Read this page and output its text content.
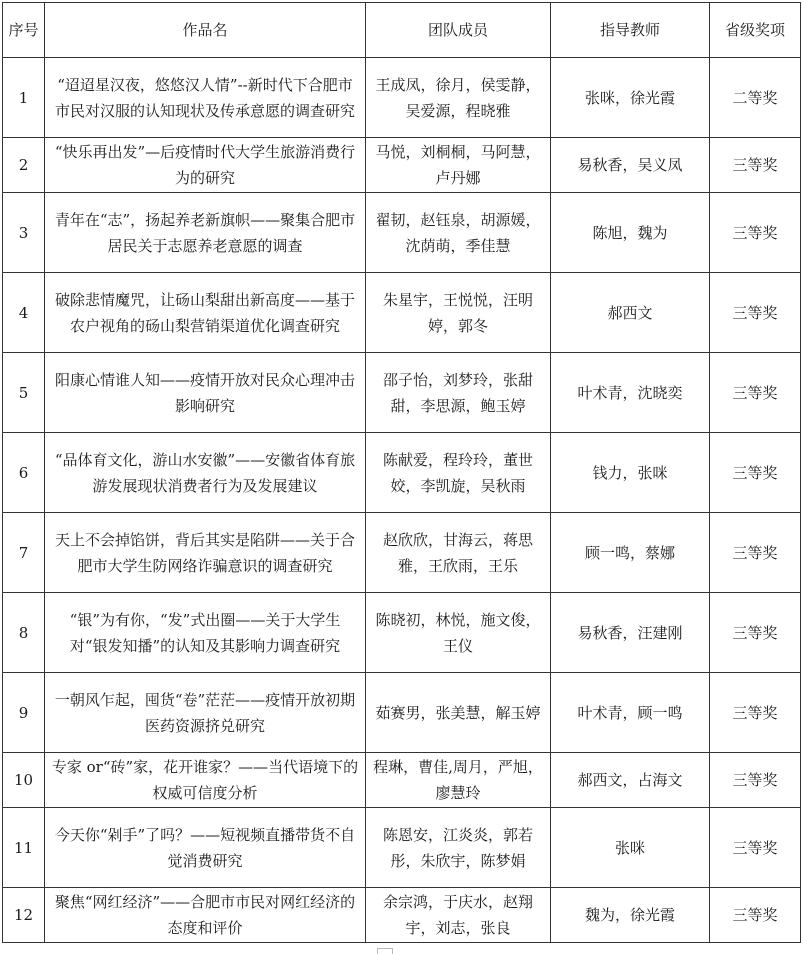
序号	作品名	团队成员	指导教师	省级奖项
1	“迢迢星汉夜，悠悠汉人情”--新时代下合肥市市民对汉服的认知现状及传承意愿的调查研究	王成凤，徐月，侯雯静，吴爱源，程晓雅	张咪，徐光霞	二等奖
2	“快乐再出发”—后疫情时代大学生旅游消费行为的研究	马悦，刘桐桐，马阿慧，卢丹娜	易秋香，吴义凤	三等奖
3	青年在“志”，扬起养老新旗帜——聚集合肥市居民关于志愿养老意愿的调查	翟韧，赵钰泉，胡源媛，沈荫萌，季佳慧	陈旭，魏为	三等奖
4	破除悲情魔咒，让砀山梨甜出新高度——基于农户视角的砀山梨营销渠道优化调查研究	朱星宇，王悦悦，汪明婷，郭冬	郝西文	三等奖
5	阳康心情谁人知——疫情开放对民众心理冲击影响研究	邵子怡，刘梦玲，张甜甜，李思源，鲍玉婷	叶术青，沈晓奕	三等奖
6	“品体育文化，游山水安徽”——安徽省体育旅游发展现状消费者行为及发展建议	陈献爱，程玲玲，董世姣，李凯旋，吴秋雨	钱力，张咪	三等奖
7	天上不会掉馅饼，背后其实是陷阱——关于合肥市大学生防网络诈骗意识的调查研究	赵欣欣，甘海云，蒋思雅，王欣雨，王乐	顾一鸣，蔡娜	三等奖
8	“银”为有你，“发”式出圈——关于大学生对“银发知播”的认知及其影响力调查研究	陈晓初，林悦，施文俊，王仪	易秋香，汪建刚	三等奖
9	一朝风乍起，囤货“卷”茫茫——疫情开放初期医药资源挤兑研究	茹赛男，张美慧，解玉婷	叶术青，顾一鸣	三等奖
10	专家 or“砖”家，花开谁家？——当代语境下的权威可信度分析	程琳，曹佳,周月，严旭，廖慧玲	郝西文，占海文	三等奖
11	今天你“剁手”了吗？——短视频直播带货不自觉消费研究	陈恩安，江炎炎，郭若彤，朱欣宇，陈梦娟	张咪	三等奖
12	聚焦“网红经济”——合肥市市民对网红经济的态度和评价	余宗鸿，于庆水，赵翔宇，刘志，张良	魏为，徐光霞	三等奖
